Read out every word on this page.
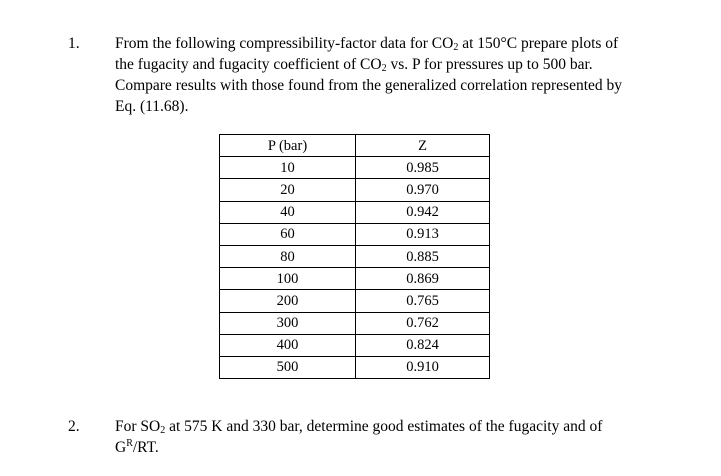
1. From the following compressibility-factor data for $CO_2$ at 150°C prepare plots of
the fugacity and fugacity coefficient of $CO_2$ vs. P for pressures up to 500 bar.
Compare results with those found from the generalized correlation represented by
Eq. (11.68).
P (bar)	Z
10	0.985
20	0.970
40	0.942
60	0.913
80	0.885
100	0.869
200	0.765
300	0.762
400	0.824
500	0.910
2. For $SO_2$ at 575 K and 330 bar, determine good estimates of the fugacity and of
$G^R/RT$.
